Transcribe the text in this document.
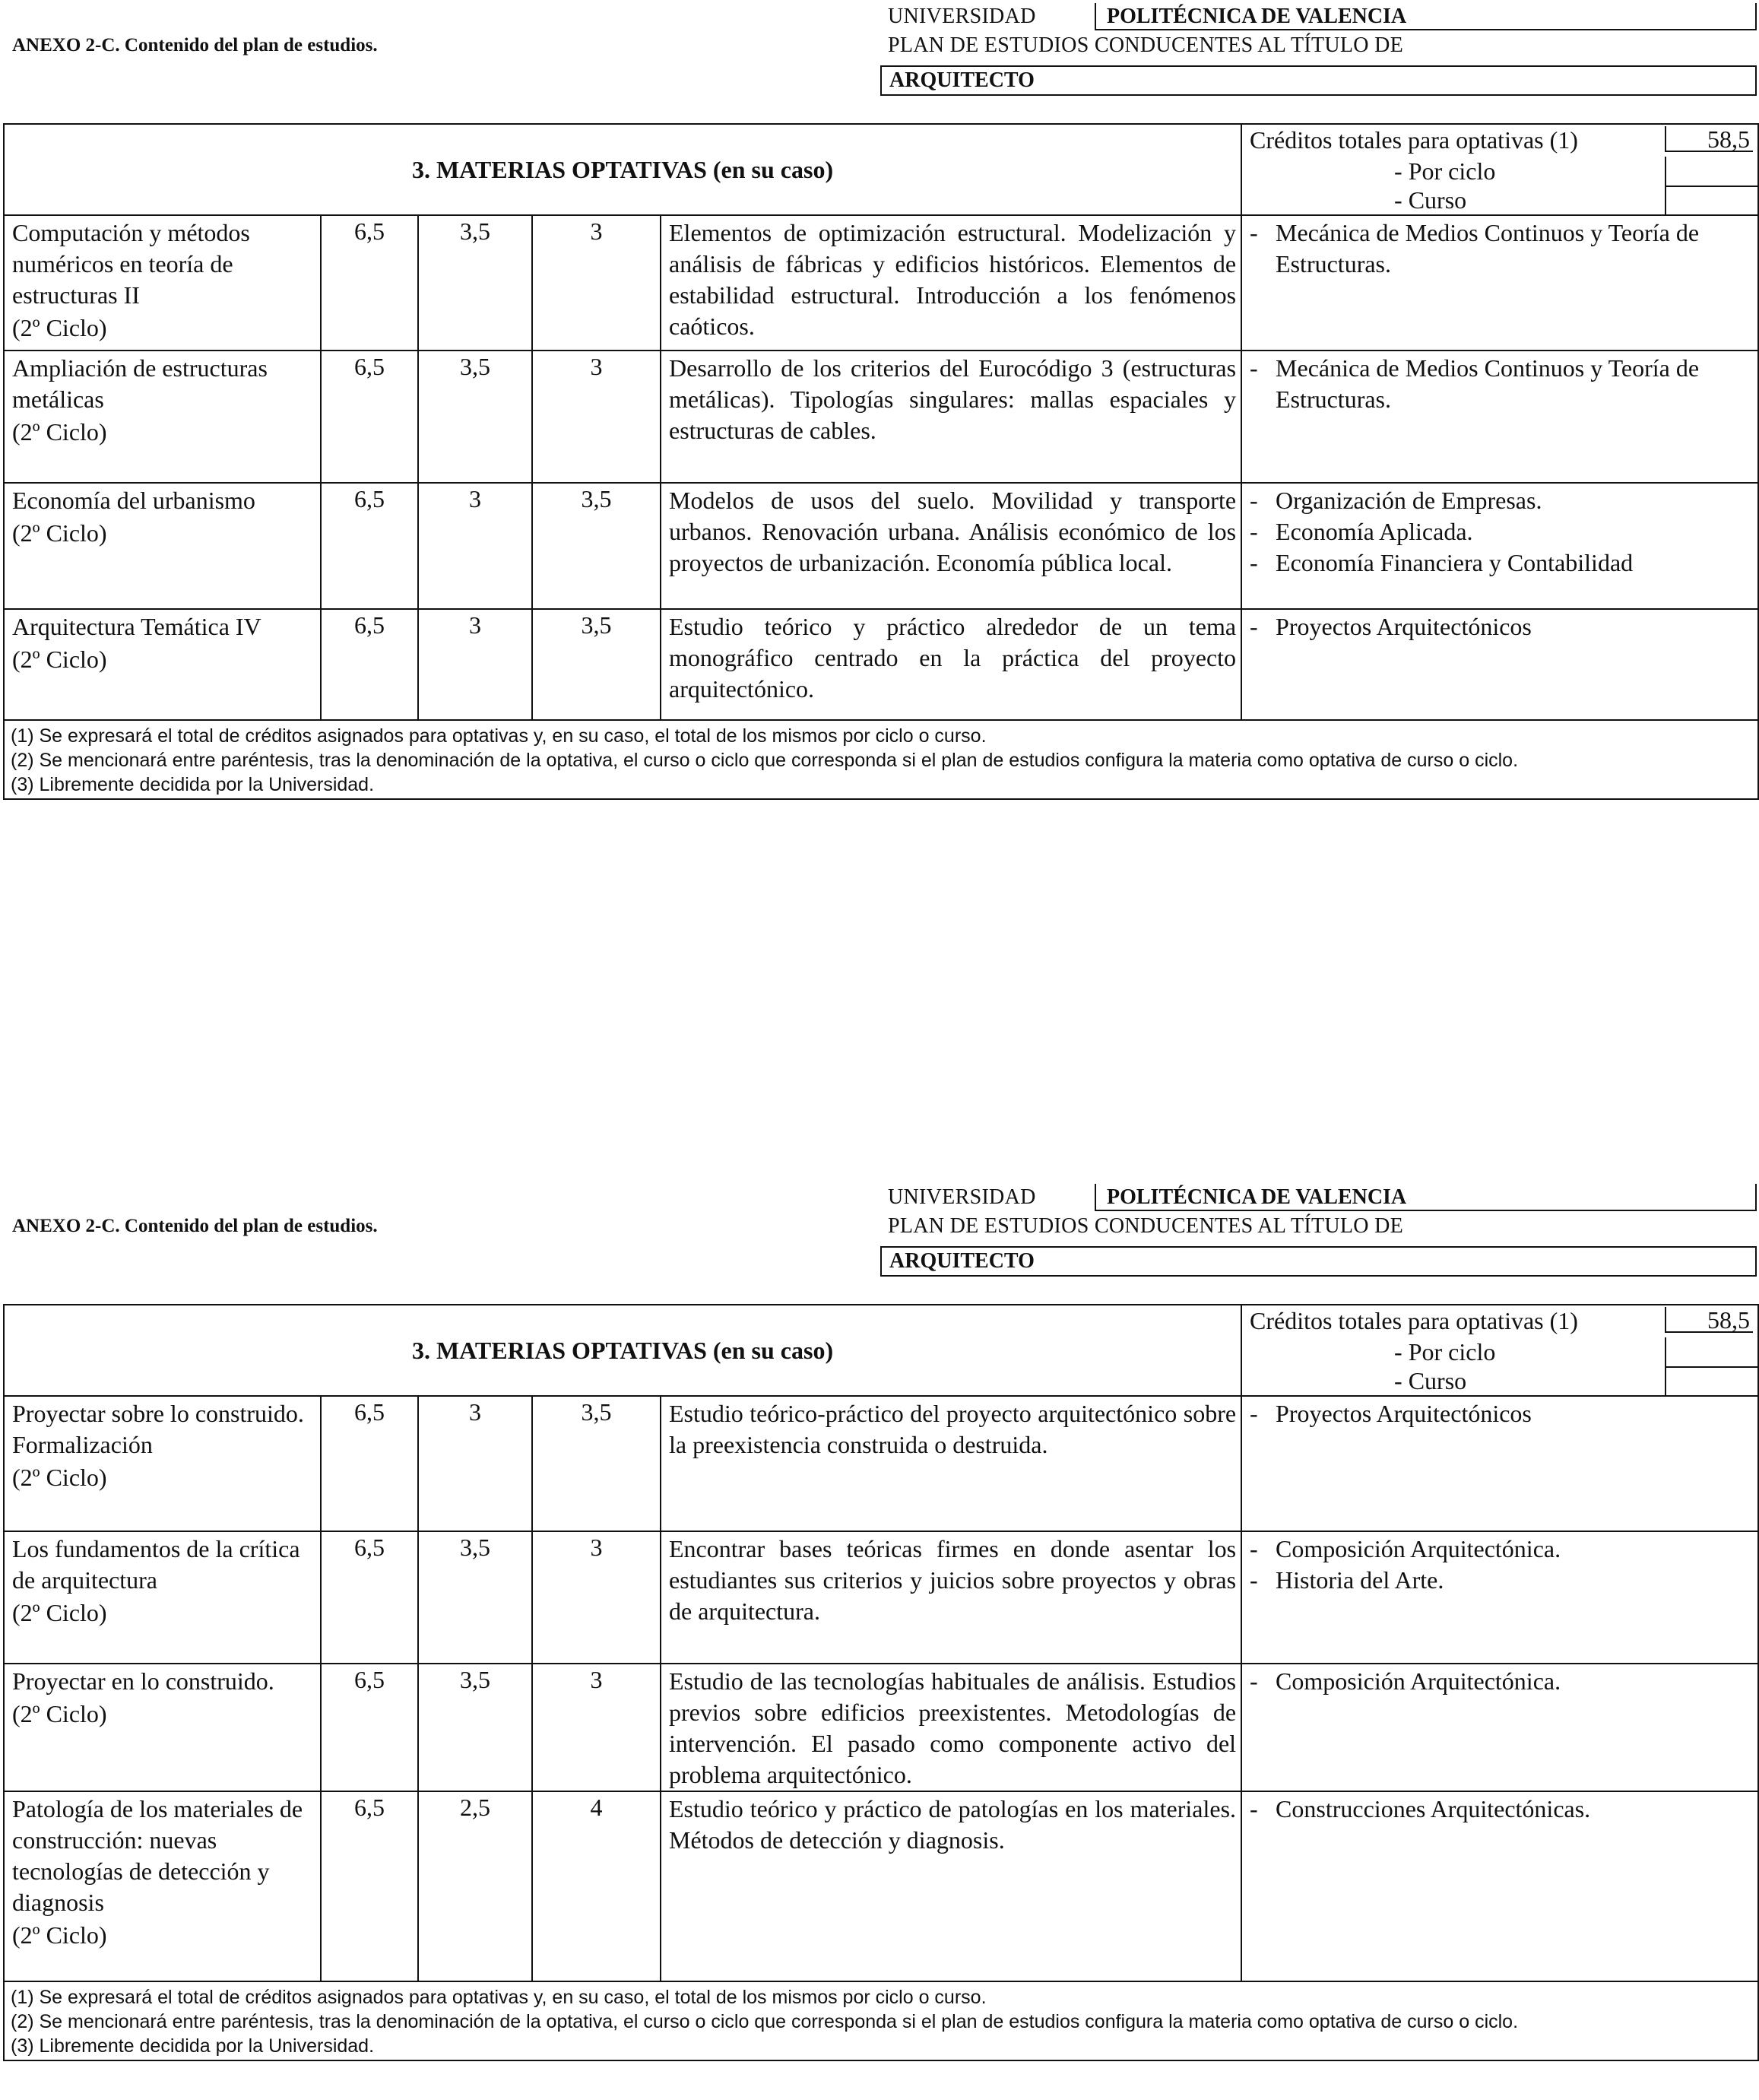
ANEXO 2-C. Contenido del plan de estudios.
UNIVERSIDAD	POLITÉCNICA DE VALENCIA
PLAN DE ESTUDIOS CONDUCENTES AL TÍTULO DE
ARQUITECTO
3. MATERIAS OPTATIVAS (en su caso)					Créditos totales para optativas (1)
- Por ciclo
- Curso
58,5

Computación y métodos numéricos en teoría de estructuras II
(2º Ciclo)	6,5	3,5	3	Elementos de optimización estructural. Modelización y análisis de fábricas y edificios históricos. Elementos de estabilidad estructural. Introducción a los fenómenos caóticos.	- Mecánica de Medios Continuos y Teoría de Estructuras.

Ampliación de estructuras metálicas
(2º Ciclo)	6,5	3,5	3	Desarrollo de los criterios del Eurocódigo 3 (estructuras metálicas). Tipologías singulares: mallas espaciales y estructuras de cables.	- Mecánica de Medios Continuos y Teoría de Estructuras.

Economía del urbanismo
(2º Ciclo)	6,5	3	3,5	Modelos de usos del suelo. Movilidad y transporte urbanos. Renovación urbana. Análisis económico de los proyectos de urbanización. Economía pública local.	- Organización de Empresas.
- Economía Aplicada.
- Economía Financiera y Contabilidad

Arquitectura Temática IV
(2º Ciclo)	6,5	3	3,5	Estudio teórico y práctico alrededor de un tema monográfico centrado en la práctica del proyecto arquitectónico.	- Proyectos Arquitectónicos

(1) Se expresará el total de créditos asignados para optativas y, en su caso, el total de los mismos por ciclo o curso.
(2) Se mencionará entre paréntesis, tras la denominación de la optativa, el curso o ciclo que corresponda si el plan de estudios configura la materia como optativa de curso o ciclo.
(3) Libremente decidida por la Universidad.					
ANEXO 2-C. Contenido del plan de estudios.
UNIVERSIDAD	POLITÉCNICA DE VALENCIA
PLAN DE ESTUDIOS CONDUCENTES AL TÍTULO DE
ARQUITECTO
3. MATERIAS OPTATIVAS (en su caso)					Créditos totales para optativas (1)
- Por ciclo
- Curso
58,5

Proyectar sobre lo construido. Formalización
(2º Ciclo)	6,5	3	3,5	Estudio teórico-práctico del proyecto arquitectónico sobre la preexistencia construida o destruida.	- Proyectos Arquitectónicos

Los fundamentos de la crítica de arquitectura
(2º Ciclo)	6,5	3,5	3	Encontrar bases teóricas firmes en donde asentar los estudiantes sus criterios y juicios sobre proyectos y obras de arquitectura.	- Composición Arquitectónica.
- Historia del Arte.

Proyectar en lo construido.
(2º Ciclo)	6,5	3,5	3	Estudio de las tecnologías habituales de análisis. Estudios previos sobre edificios preexistentes. Metodologías de intervención. El pasado como componente activo del problema arquitectónico.	- Composición Arquitectónica.

Patología de los materiales de construcción: nuevas tecnologías de detección y diagnosis
(2º Ciclo)	6,5	2,5	4	Estudio teórico y práctico de patologías en los materiales. Métodos de detección y diagnosis.	- Construcciones Arquitectónicas.

(1) Se expresará el total de créditos asignados para optativas y, en su caso, el total de los mismos por ciclo o curso.
(2) Se mencionará entre paréntesis, tras la denominación de la optativa, el curso o ciclo que corresponda si el plan de estudios configura la materia como optativa de curso o ciclo.
(3) Libremente decidida por la Universidad.					
